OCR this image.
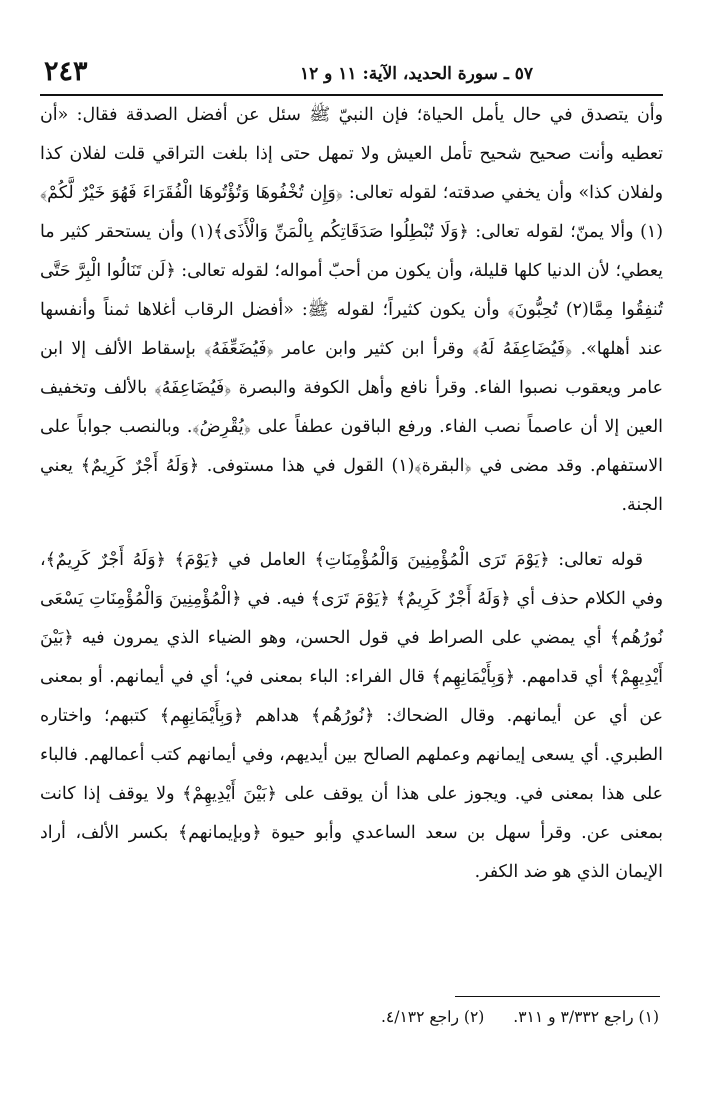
٢٤٣	٥٧ ـ سورة الحديد، الآية: ١١ و ١٢

وأن يتصدق في حال يأمل الحياة؛ فإن النبيّ ﷺ سئل عن أفضل الصدقة فقال: «أن تعطيه وأنت صحيح شحيح تأمل العيش ولا تمهل حتى إذا بلغت التراقي قلت لفلان كذا ولفلان كذا» وأن يخفي صدقته؛ لقوله تعالى: ﴿وَإِن تُخْفُوهَا وَتُؤْتُوهَا الْفُقَرَاءَ فَهُوَ خَيْرٌ لَّكُمْ﴾(١) وألا يمنّ؛ لقوله تعالى: ﴿وَلَا تُبْطِلُوا صَدَقَاتِكُم بِالْمَنِّ وَالْأَذَى﴾(١) وأن يستحقر كثير ما يعطي؛ لأن الدنيا كلها قليلة، وأن يكون من أحبّ أمواله؛ لقوله تعالى: ﴿لَن تَنَالُوا الْبِرَّ حَتَّى تُنفِقُوا مِمَّا(٢) تُحِبُّونَ﴾ وأن يكون كثيراً؛ لقوله ﷺ: «أفضل الرقاب أغلاها ثمناً وأنفسها عند أهلها». ﴿فَيُضَاعِفَهُ لَهُ﴾ وقرأ ابن كثير وابن عامر ﴿فَيُضَعِّفَهُ﴾ بإسقاط الألف إلا ابن عامر ويعقوب نصبوا الفاء. وقرأ نافع وأهل الكوفة والبصرة ﴿فَيُضَاعِفَهُ﴾ بالألف وتخفيف العين إلا أن عاصماً نصب الفاء. ورفع الباقون عطفاً على ﴿يُقْرِضُ﴾. وبالنصب جواباً على الاستفهام. وقد مضى في ﴿البقرة﴾(١) القول في هذا مستوفى. ﴿وَلَهُ أَجْرٌ كَرِيمٌ﴾ يعني الجنة.

قوله تعالى: ﴿يَوْمَ تَرَى الْمُؤْمِنِينَ وَالْمُؤْمِنَاتِ﴾ العامل في ﴿يَوْمَ﴾ ﴿وَلَهُ أَجْرٌ كَرِيمٌ﴾، وفي الكلام حذف أي ﴿وَلَهُ أَجْرٌ كَرِيمٌ﴾ ﴿يَوْمَ تَرَى﴾ فيه. في ﴿الْمُؤْمِنِينَ وَالْمُؤْمِنَاتِ يَسْعَى نُورُهُم﴾ أي يمضي على الصراط في قول الحسن، وهو الضياء الذي يمرون فيه ﴿بَيْنَ أَيْدِيهِمْ﴾ أي قدامهم. ﴿وَبِأَيْمَانِهِم﴾ قال الفراء: الباء بمعنى في؛ أي في أيمانهم. أو بمعنى عن أي عن أيمانهم. وقال الضحاك: ﴿نُورُهُم﴾ هداهم ﴿وَبِأَيْمَانِهِم﴾ كتبهم؛ واختاره الطبري. أي يسعى إيمانهم وعملهم الصالح بين أيديهم، وفي أيمانهم كتب أعمالهم. فالباء على هذا بمعنى في. ويجوز على هذا أن يوقف على ﴿بَيْنَ أَيْدِيهِمْ﴾ ولا يوقف إذا كانت بمعنى عن. وقرأ سهل بن سعد الساعدي وأبو حيوة ﴿وبإيمانهم﴾ بكسر الألف، أراد الإيمان الذي هو ضد الكفر.

(١) راجع ٣/٣٣٢ و ٣١١. (٢) راجع ٤/١٣٢.
